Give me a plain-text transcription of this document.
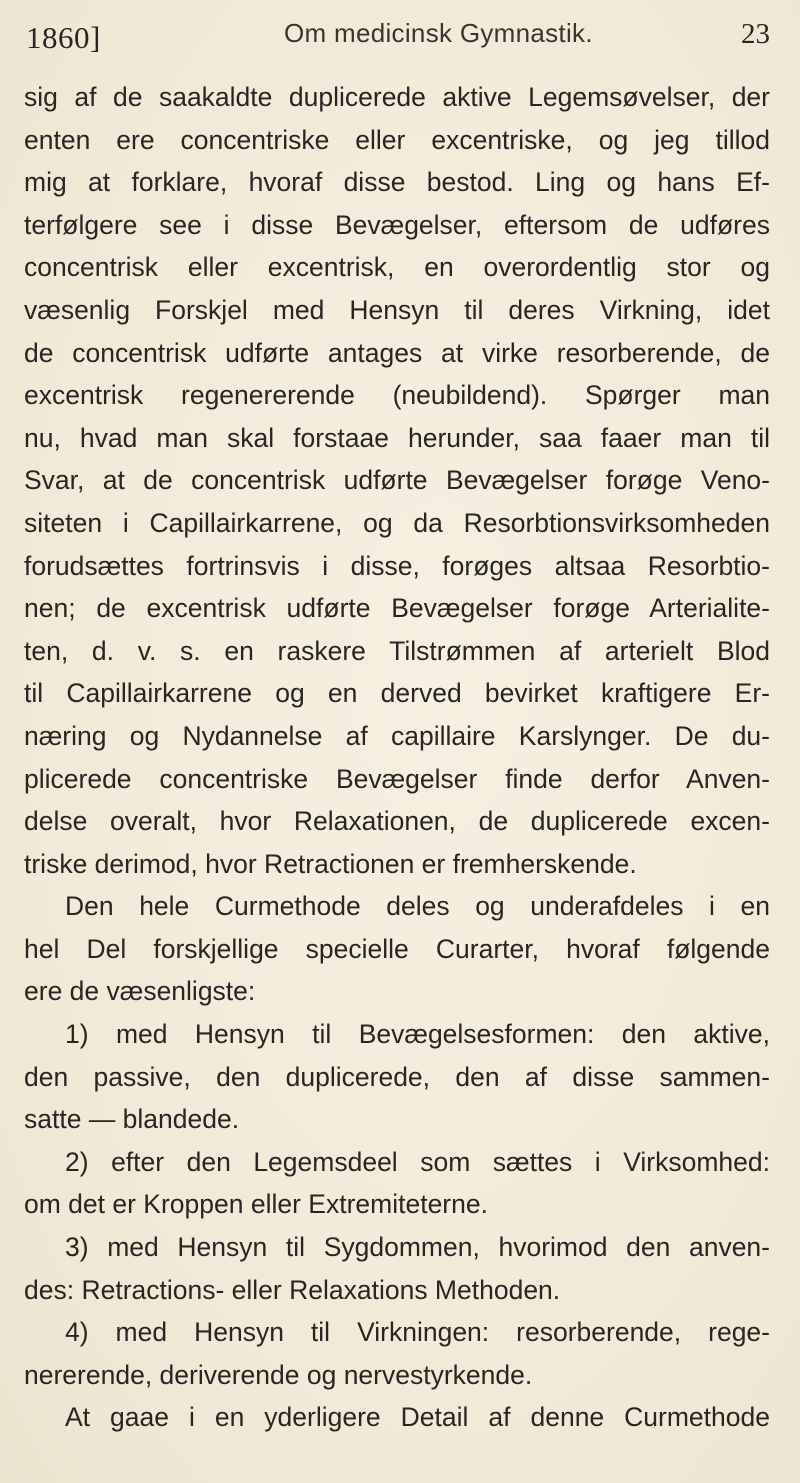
1860]	Om medicinsk Gymnastik.	23
sig af de saakaldte duplicerede aktive Legemsøvelser, der
enten ere concentriske eller excentriske, og jeg tillod
mig at forklare, hvoraf disse bestod. Ling og hans Ef-
terfølgere see i disse Bevægelser, eftersom de udføres
concentrisk eller excentrisk, en overordentlig stor og
væsenlig Forskjel med Hensyn til deres Virkning, idet
de concentrisk udførte antages at virke resorberende, de
excentrisk regenererende (neubildend). Spørger man
nu, hvad man skal forstaae herunder, saa faaer man til
Svar, at de concentrisk udførte Bevægelser forøge Veno-
siteten i Capillairkarrene, og da Resorbtionsvirksomheden
forudsættes fortrinsvis i disse, forøges altsaa Resorbtio-
nen; de excentrisk udførte Bevægelser forøge Arterialite-
ten, d. v. s. en raskere Tilstrømmen af arterielt Blod
til Capillairkarrene og en derved bevirket kraftigere Er-
næring og Nydannelse af capillaire Karslynger. De du-
plicerede concentriske Bevægelser finde derfor Anven-
delse overalt, hvor Relaxationen, de duplicerede excen-
triske derimod, hvor Retractionen er fremherskende.
Den hele Curmethode deles og underafdeles i en
hel Del forskjellige specielle Curarter, hvoraf følgende
ere de væsenligste:
1) med Hensyn til Bevægelsesformen: den aktive,
den passive, den duplicerede, den af disse sammen-
satte — blandede.
2) efter den Legemsdeel som sættes i Virksomhed:
om det er Kroppen eller Extremiteterne.
3) med Hensyn til Sygdommen, hvorimod den anven-
des: Retractions- eller Relaxations Methoden.
4) med Hensyn til Virkningen: resorberende, rege-
nererende, deriverende og nervestyrkende.
At gaae i en yderligere Detail af denne Curmethode
